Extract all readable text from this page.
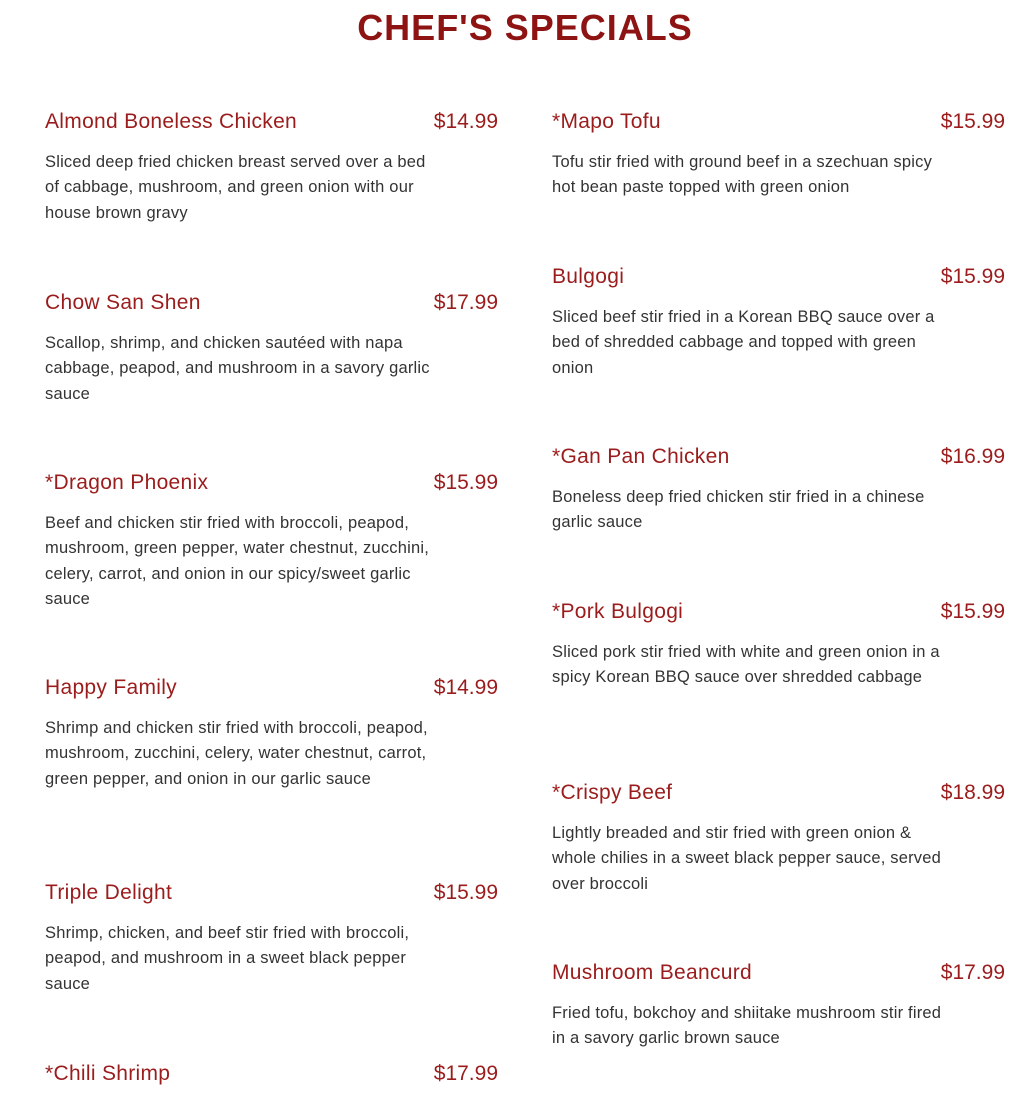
CHEF'S SPECIALS
Almond Boneless Chicken	$14.99
Sliced deep fried chicken breast served over a bed of cabbage, mushroom, and green onion with our house brown gravy
Chow San Shen	$17.99
Scallop, shrimp, and chicken sautéed with napa cabbage, peapod, and mushroom in a savory garlic sauce
*Dragon Phoenix	$15.99
Beef and chicken stir fried with broccoli, peapod, mushroom, green pepper, water chestnut, zucchini, celery, carrot, and onion in our spicy/sweet garlic sauce
Happy Family	$14.99
Shrimp and chicken stir fried with broccoli, peapod, mushroom, zucchini, celery, water chestnut, carrot, green pepper, and onion in our garlic sauce
Triple Delight	$15.99
Shrimp, chicken, and beef stir fried with broccoli, peapod, and mushroom in a sweet black pepper sauce
*Chili Shrimp	$17.99
*Mapo Tofu	$15.99
Tofu stir fried with ground beef in a szechuan spicy hot bean paste topped with green onion
Bulgogi	$15.99
Sliced beef stir fried in a Korean BBQ sauce over a bed of shredded cabbage and topped with green onion
*Gan Pan Chicken	$16.99
Boneless deep fried chicken stir fried in a chinese garlic sauce
*Pork Bulgogi	$15.99
Sliced pork stir fried with white and green onion in a spicy Korean BBQ sauce over shredded cabbage
*Crispy Beef	$18.99
Lightly breaded and stir fried with green onion & whole chilies in a sweet black pepper sauce, served over broccoli
Mushroom Beancurd	$17.99
Fried tofu, bokchoy and shiitake mushroom stir fired in a savory garlic brown sauce
